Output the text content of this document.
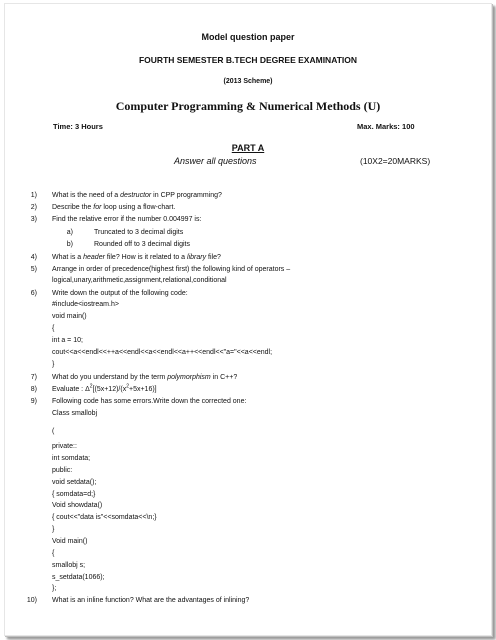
Model question paper
FOURTH SEMESTER B.TECH DEGREE EXAMINATION
(2013 Scheme)
Computer Programming & Numerical Methods (U)
Time: 3 Hours	Max. Marks: 100
PART A
Answer all questions	(10X2=20MARKS)
1) What is the need of a destructor in CPP programming?
2) Describe the for loop using a flow-chart.
3) Find the relative error if the number 0.004997 is:
a)	Truncated to 3 decimal digits
b)	Rounded off to 3 decimal digits
4) What is a header file? How is it related to a library file?
5) Arrange in order of precedence(highest first) the following kind of operators –
logical,unary,arithmetic,assignment,relational,conditional
6) Write down the output of the following code:
#include<iostream.h>
void main()
{
int a = 10;
cout<<a<<endl<<++a<<endl<<a<<endl<<a++<<endl<<"a="<<a<<endl;
}
7) What do you understand by the term polymorphism in C++?
8) Evaluate : $\Delta^2[(5x+12)/(x^2+5x+16)]$
9) Following code has some errors.Write down the corrected one:
Class smallobj
(
private::
int somdata;
public:
void setdata();
{ somdata=d;}
Void showdata()
{ cout<<"data is"<<somdata<<\n;}
}
Void main()
{
smallobj s;
s_setdata(1066);
};
10) What is an inline function? What are the advantages of inlining?
